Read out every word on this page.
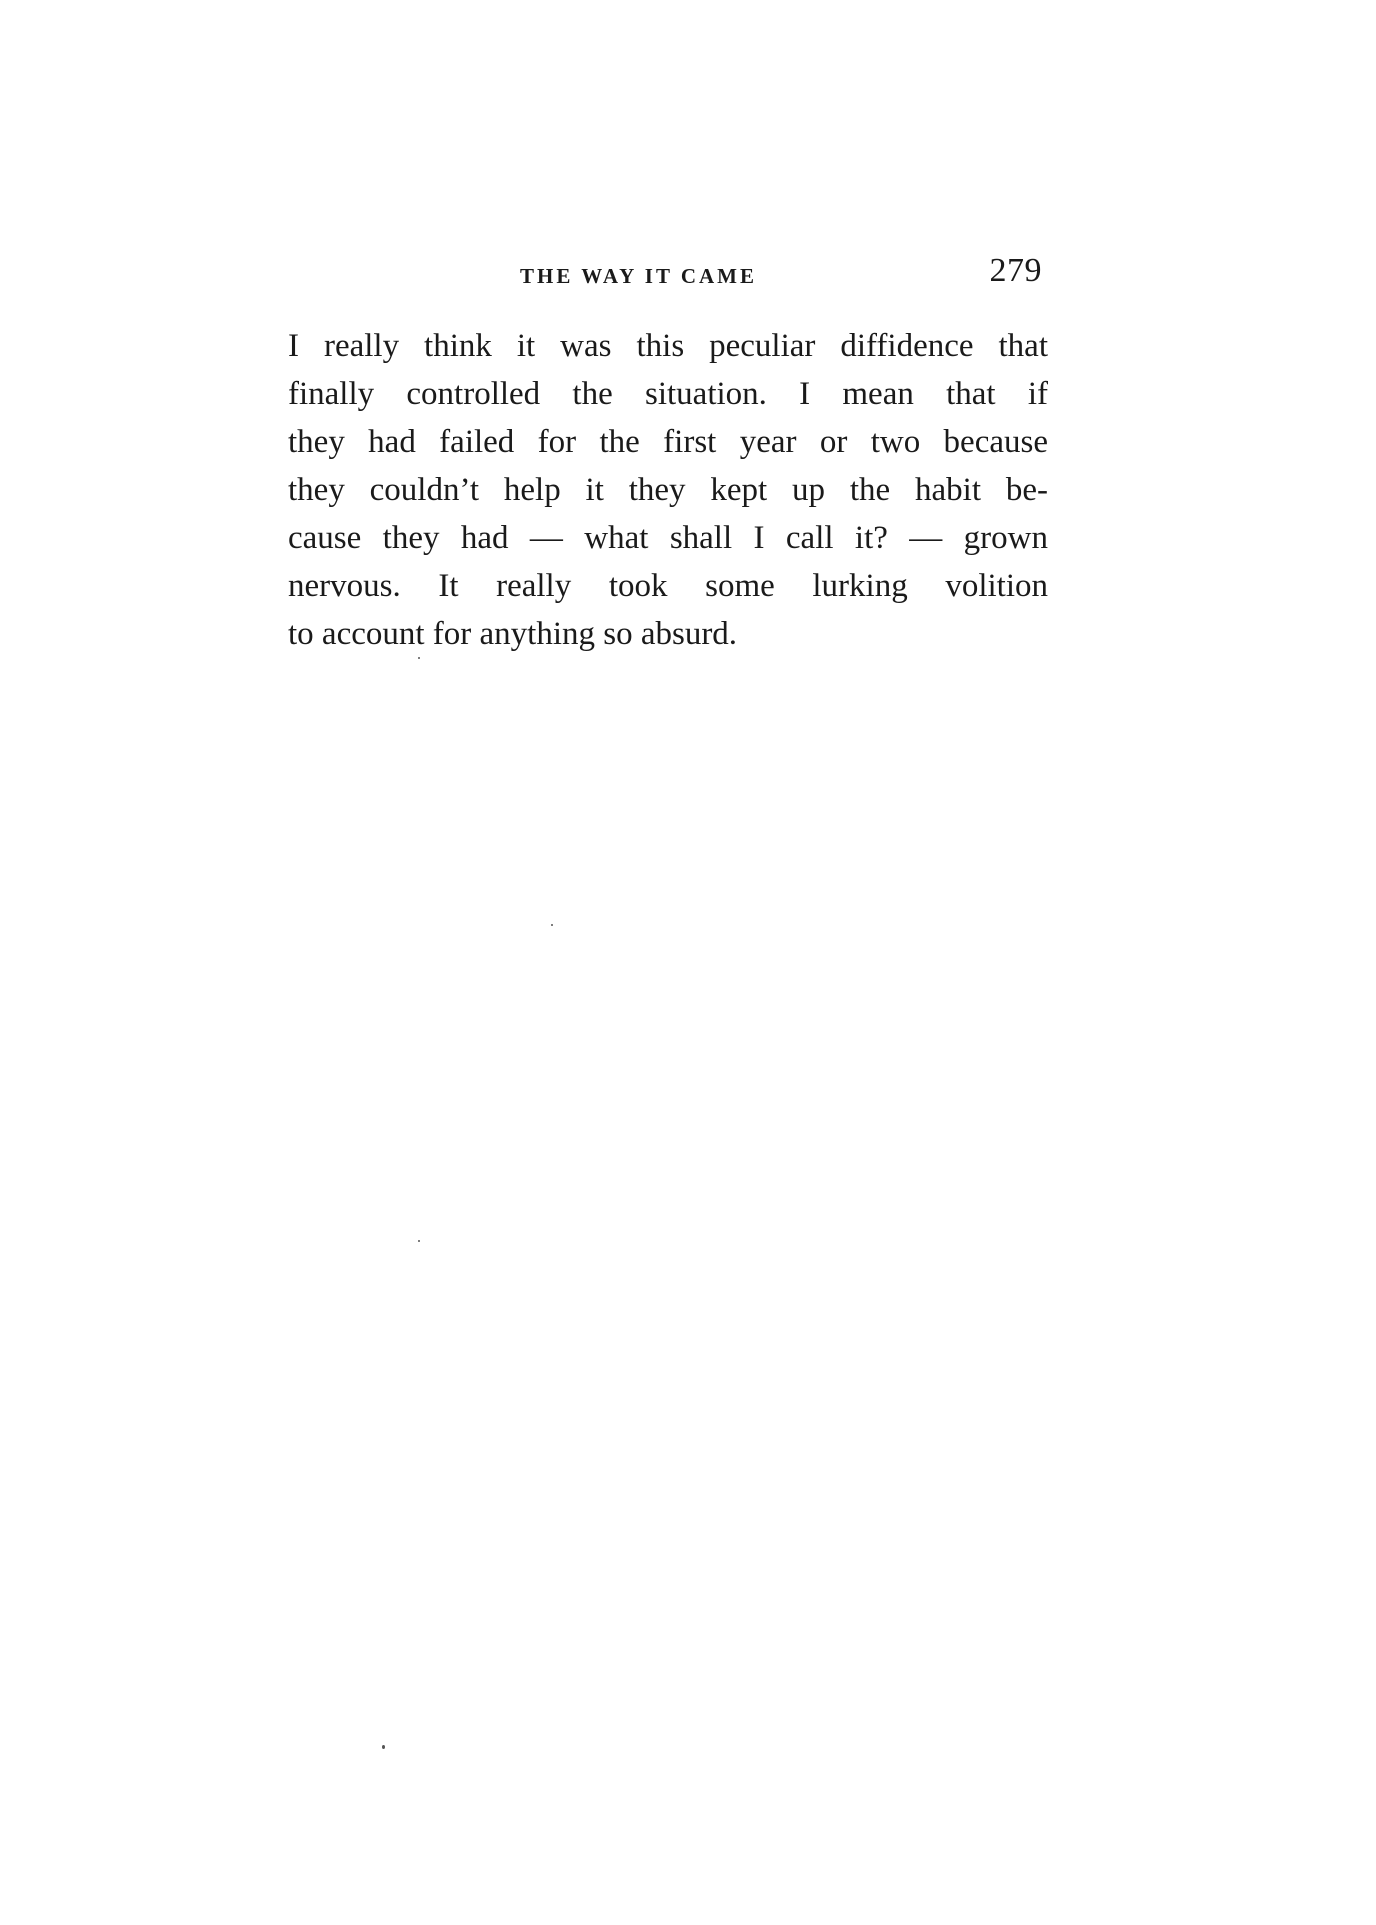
THE WAY IT CAME	279
I really think it was this peculiar diffidence that
finally controlled the situation. I mean that if
they had failed for the first year or two because
they couldn’t help it they kept up the habit be-
cause they had — what shall I call it? — grown
nervous. It really took some lurking volition
to account for anything so absurd.
